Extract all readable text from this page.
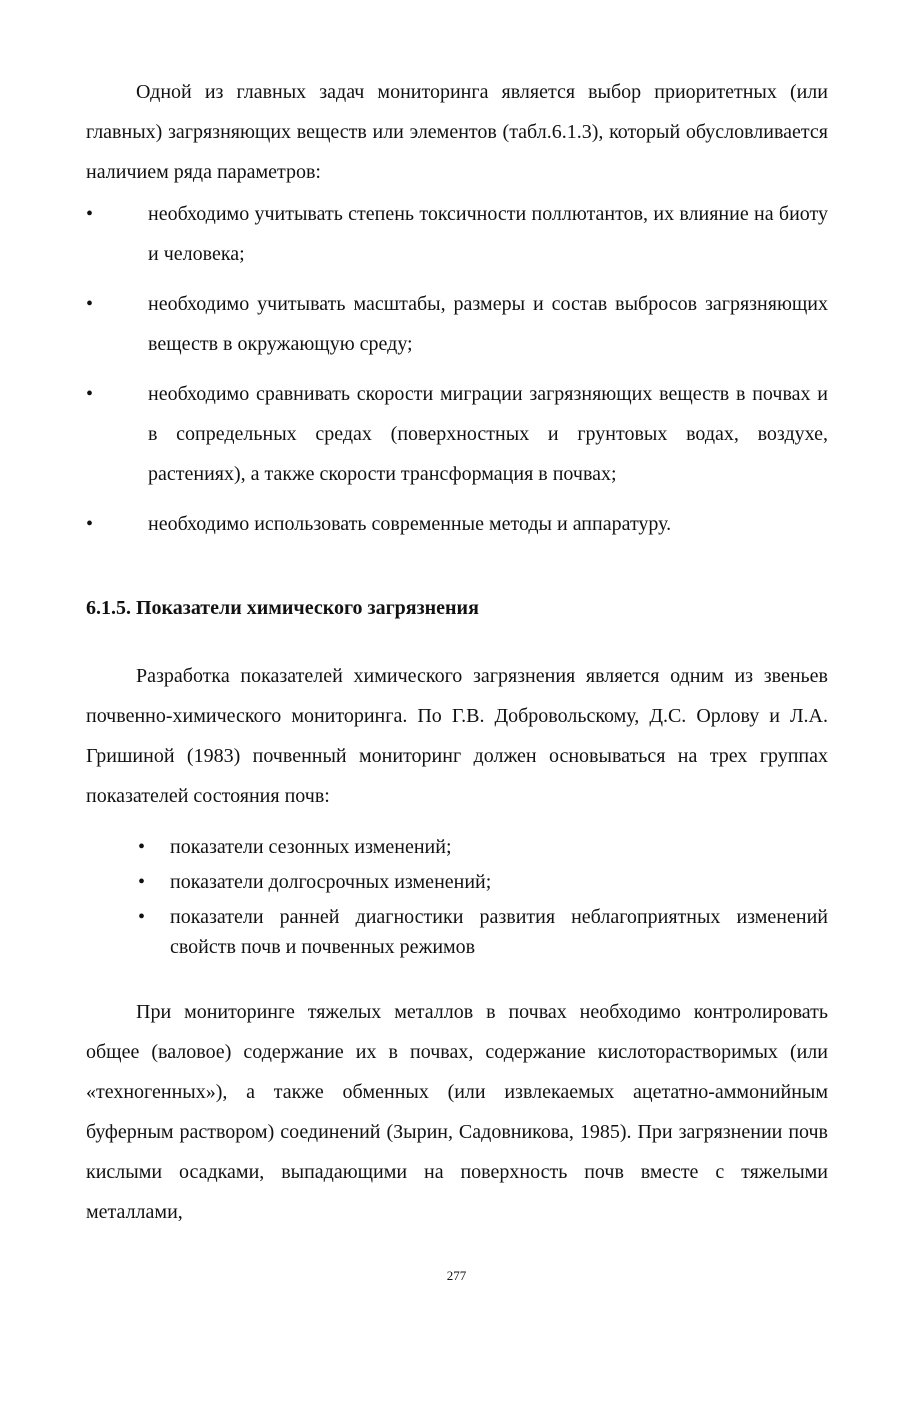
Одной из главных задач мониторинга является выбор приоритетных (или главных) загрязняющих веществ или элементов (табл.6.1.3), который обусловливается наличием ряда параметров:

•	необходимо учитывать степень токсичности поллютантов, их влияние на биоту и человека;
•	необходимо учитывать масштабы, размеры и состав выбросов загрязняющих веществ в окружающую среду;
•	необходимо сравнивать скорости миграции загрязняющих веществ в почвах и в сопредельных средах (поверхностных и грунтовых водах, воздухе, растениях), а также скорости трансформация в почвах;
•	необходимо использовать современные методы и аппаратуру.
6.1.5. Показатели химического загрязнения

Разработка показателей химического загрязнения является одним из звеньев почвенно-химического мониторинга. По Г.В. Добровольскому, Д.С. Орлову и Л.А. Гришиной (1983) почвенный мониторинг должен основываться на трех группах показателей состояния почв:

• показатели сезонных изменений;
• показатели долгосрочных изменений;
• показатели ранней диагностики развития неблагоприятных изменений свойств почв и почвенных режимов

При мониторинге тяжелых металлов в почвах необходимо контролировать общее (валовое) содержание их в почвах, содержание кислоторастворимых (или «техногенных»), а также обменных (или извлекаемых ацетатно-аммонийным буферным раствором) соединений (Зырин, Садовникова, 1985). При загрязнении почв кислыми осадками, выпадающими на поверхность почв вместе с тяжелыми металлами,

277
